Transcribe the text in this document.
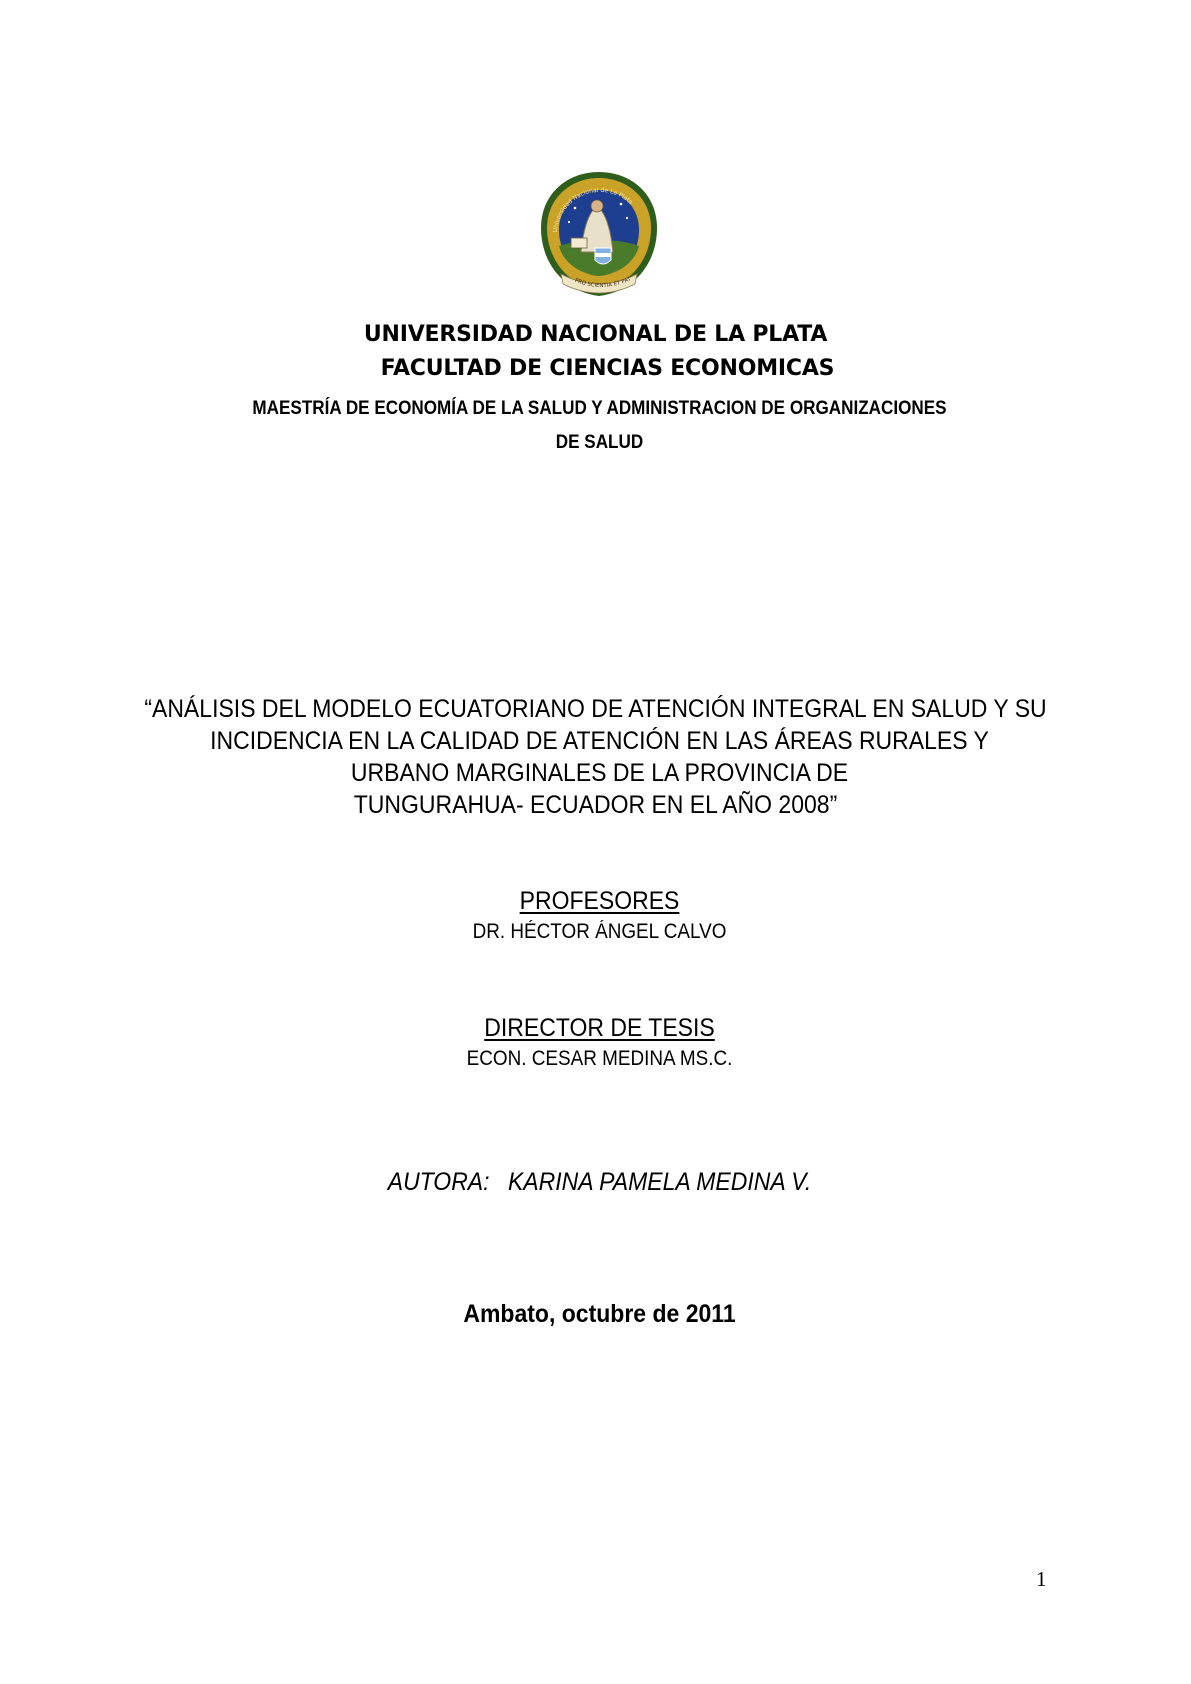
Universidad Nacional de La Plata
PRO SCIENTIA ET PAT
UNIVERSIDAD NACIONAL DE LA PLATA
FACULTAD DE CIENCIAS ECONOMICAS
MAESTRÍA DE ECONOMÍA DE LA SALUD Y ADMINISTRACION DE ORGANIZACIONES
DE SALUD
“ANÁLISIS DEL MODELO ECUATORIANO DE ATENCIÓN INTEGRAL EN SALUD Y SU
INCIDENCIA EN LA CALIDAD DE ATENCIÓN EN LAS ÁREAS RURALES Y
URBANO MARGINALES DE LA PROVINCIA DE
TUNGURAHUA- ECUADOR EN EL AÑO 2008”
PROFESORES
DR. HÉCTOR ÁNGEL CALVO
DIRECTOR DE TESIS
ECON. CESAR MEDINA MS.C.
AUTORA: KARINA PAMELA MEDINA V.
Ambato, octubre de 2011
1
